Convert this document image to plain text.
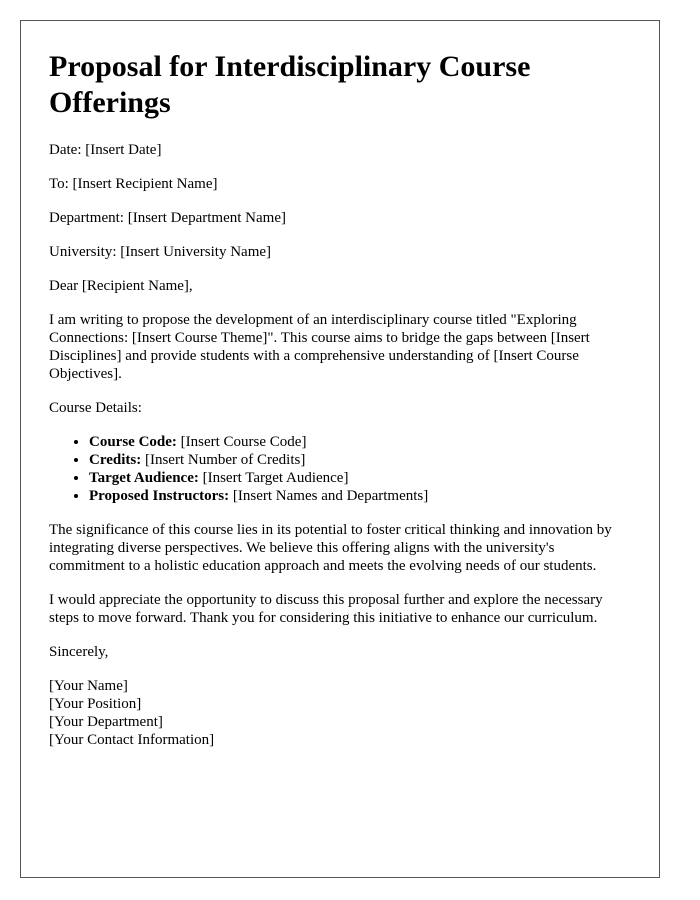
Proposal for Interdisciplinary Course Offerings

Date: [Insert Date]

To: [Insert Recipient Name]

Department: [Insert Department Name]

University: [Insert University Name]

Dear [Recipient Name],

I am writing to propose the development of an interdisciplinary course titled "Exploring Connections: [Insert Course Theme]". This course aims to bridge the gaps between [Insert Disciplines] and provide students with a comprehensive understanding of [Insert Course Objectives].

Course Details:

• Course Code: [Insert Course Code]
• Credits: [Insert Number of Credits]
• Target Audience: [Insert Target Audience]
• Proposed Instructors: [Insert Names and Departments]

The significance of this course lies in its potential to foster critical thinking and innovation by integrating diverse perspectives. We believe this offering aligns with the university's commitment to a holistic education approach and meets the evolving needs of our students.

I would appreciate the opportunity to discuss this proposal further and explore the necessary steps to move forward. Thank you for considering this initiative to enhance our curriculum.

Sincerely,

[Your Name]
[Your Position]
[Your Department]
[Your Contact Information]
